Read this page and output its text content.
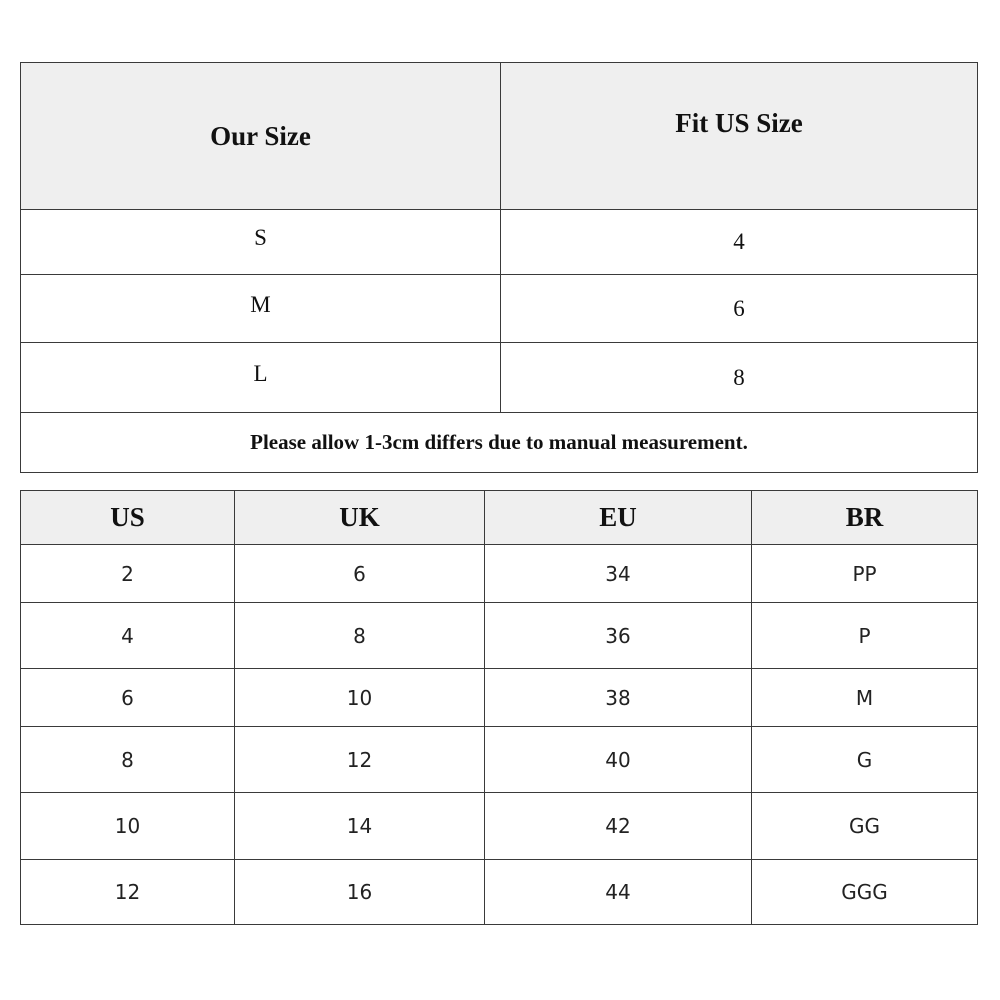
Our Size	Fit US Size
S	4
M	6
L	8
Please allow 1-3cm differs due to manual measurement.	
US	UK	EU	BR
2	6	34	PP
4	8	36	P
6	10	38	M
8	12	40	G
10	14	42	GG
12	16	44	GGG
